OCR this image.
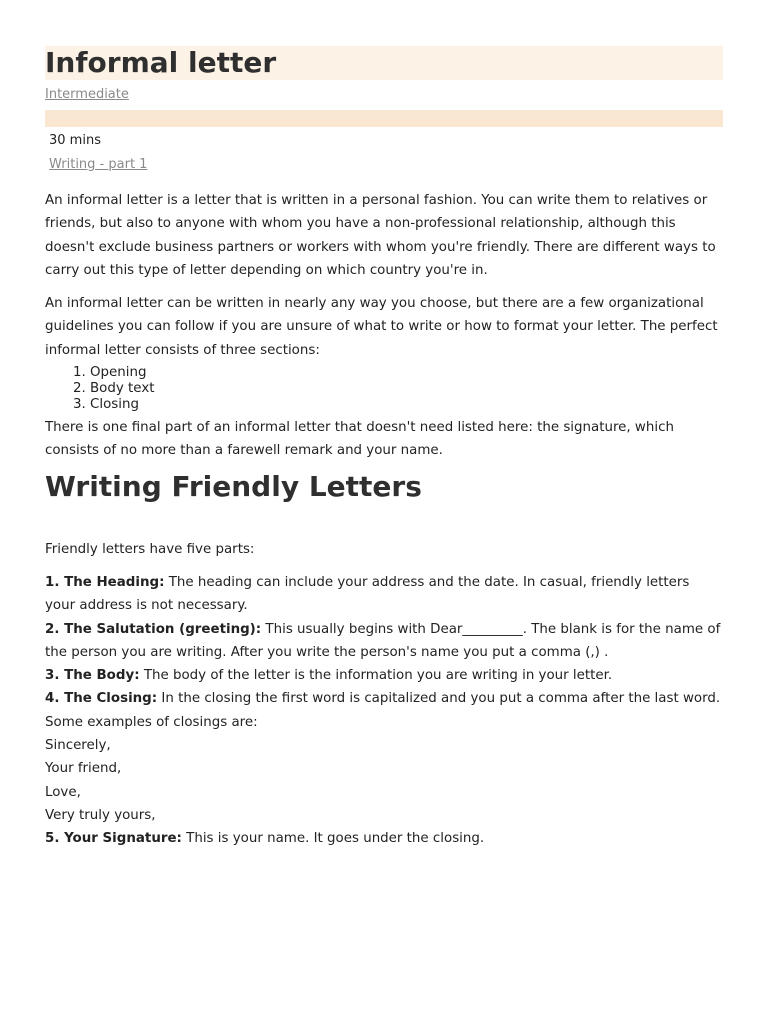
Informal letter
Intermediate
30 mins
Writing - part 1

An informal letter is a letter that is written in a personal fashion. You can write them to relatives or friends, but also to anyone with whom you have a non-professional relationship, although this doesn't exclude business partners or workers with whom you're friendly. There are different ways to carry out this type of letter depending on which country you're in.

An informal letter can be written in nearly any way you choose, but there are a few organizational guidelines you can follow if you are unsure of what to write or how to format your letter. The perfect informal letter consists of three sections:

1. Opening
2. Body text
3. Closing

There is one final part of an informal letter that doesn't need listed here: the signature, which consists of no more than a farewell remark and your name.

Writing Friendly Letters

Friendly letters have five parts:

1. The Heading: The heading can include your address and the date. In casual, friendly letters your address is not necessary.

2. The Salutation (greeting): This usually begins with Dear_________. The blank is for the name of the person you are writing. After you write the person's name you put a comma (,) .

3. The Body: The body of the letter is the information you are writing in your letter.

4. The Closing: In the closing the first word is capitalized and you put a comma after the last word.

Some examples of closings are:

Sincerely,

Your friend,

Love,

Very truly yours,

5. Your Signature: This is your name. It goes under the closing.
